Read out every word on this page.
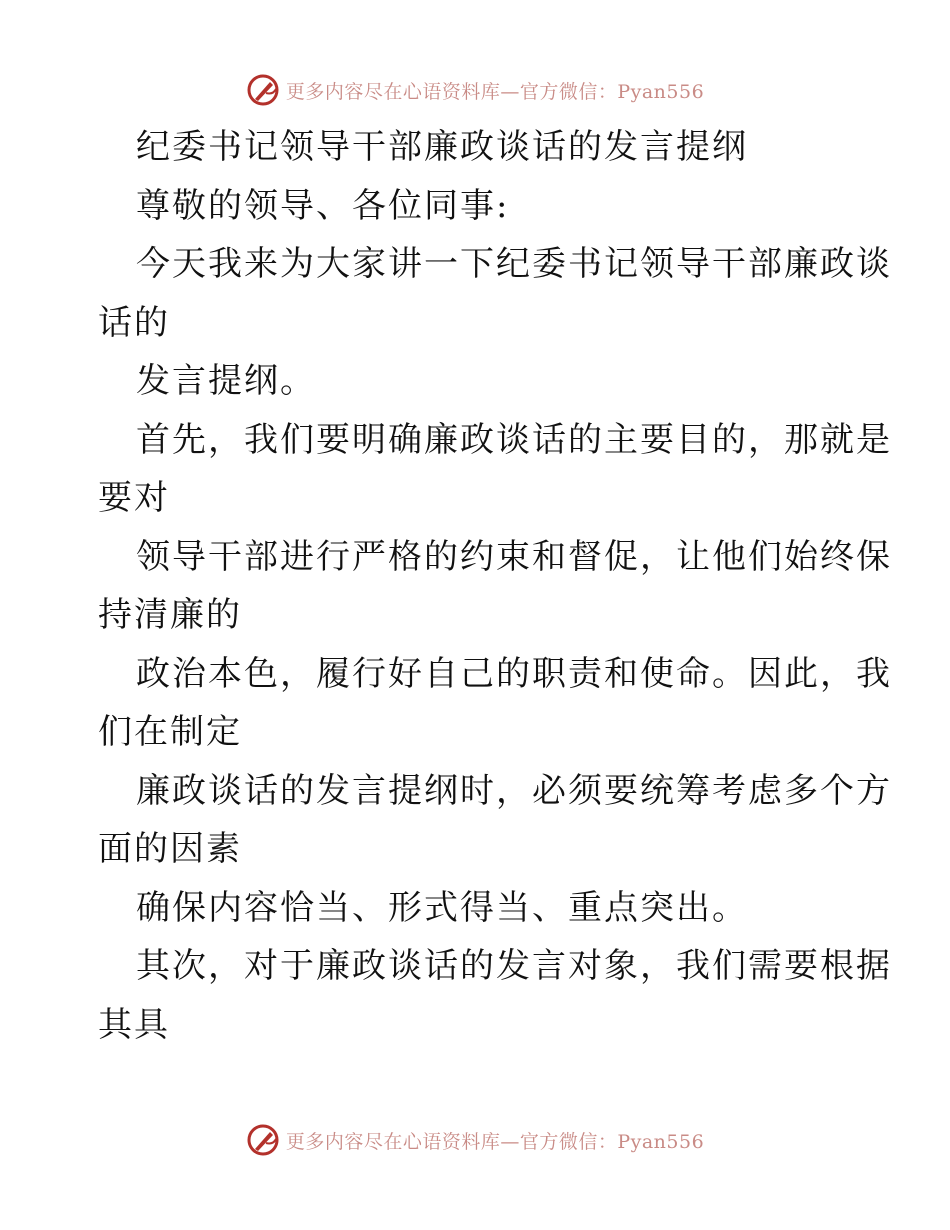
更多内容尽在心语资料库—官方微信：Pyan556
纪委书记领导干部廉政谈话的发言提纲
尊敬的领导、各位同事:
今天我来为大家讲一下纪委书记领导干部廉政谈
话的
发言提纲。
首先，我们要明确廉政谈话的主要目的，那就是
要对
领导干部进行严格的约束和督促，让他们始终保
持清廉的
政治本色，履行好自己的职责和使命。因此，我
们在制定
廉政谈话的发言提纲时，必须要统筹考虑多个方
面的因素
确保内容恰当、形式得当、重点突出。
其次，对于廉政谈话的发言对象，我们需要根据
其具
更多内容尽在心语资料库—官方微信：Pyan556
